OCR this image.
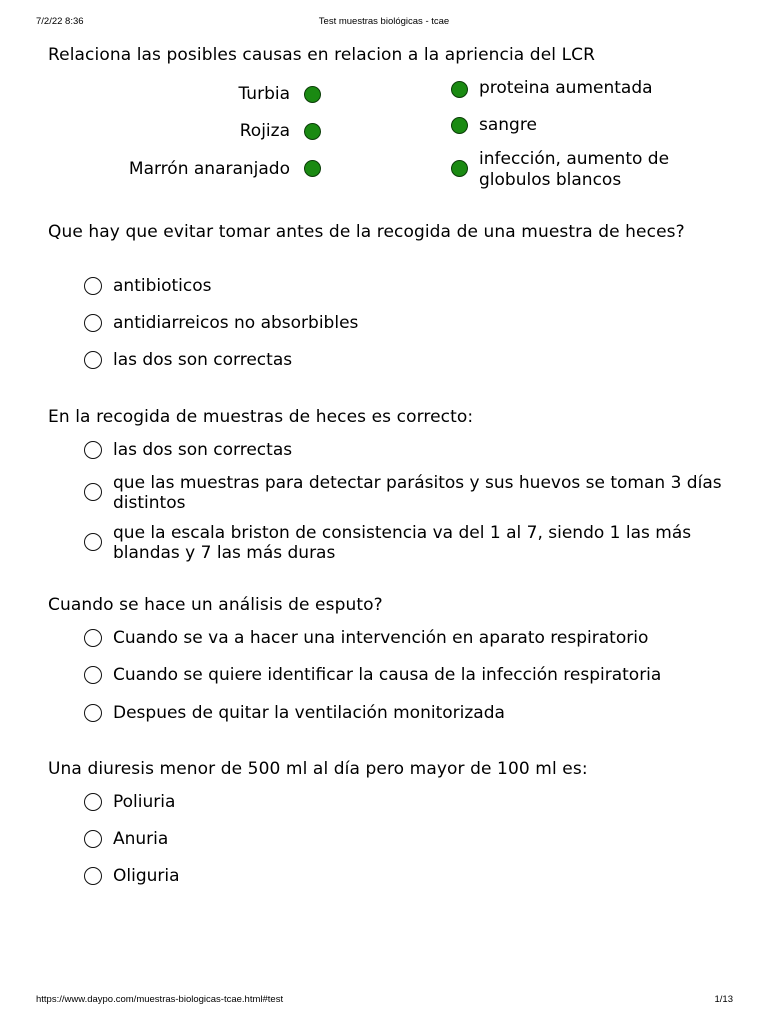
7/2/22 8:36	Test muestras biológicas - tcae
Relaciona las posibles causas en relacion a la apriencia del LCR
Turbia
Rojiza
Marrón anaranjado
proteina aumentada
sangre
infección, aumento de globulos blancos
Que hay que evitar tomar antes de la recogida de una muestra de heces?
antibioticos
antidiarreicos no absorbibles
las dos son correctas
En la recogida de muestras de heces es correcto:
las dos son correctas
que las muestras para detectar parásitos y sus huevos se toman 3 días distintos
que la escala briston de consistencia va del 1 al 7, siendo 1 las más blandas y 7 las más duras
Cuando se hace un análisis de esputo?
Cuando se va a hacer una intervención en aparato respiratorio
Cuando se quiere identificar la causa de la infección respiratoria
Despues de quitar la ventilación monitorizada
Una diuresis menor de 500 ml al día pero mayor de 100 ml es:
Poliuria
Anuria
Oliguria
https://www.daypo.com/muestras-biologicas-tcae.html#test	1/13
